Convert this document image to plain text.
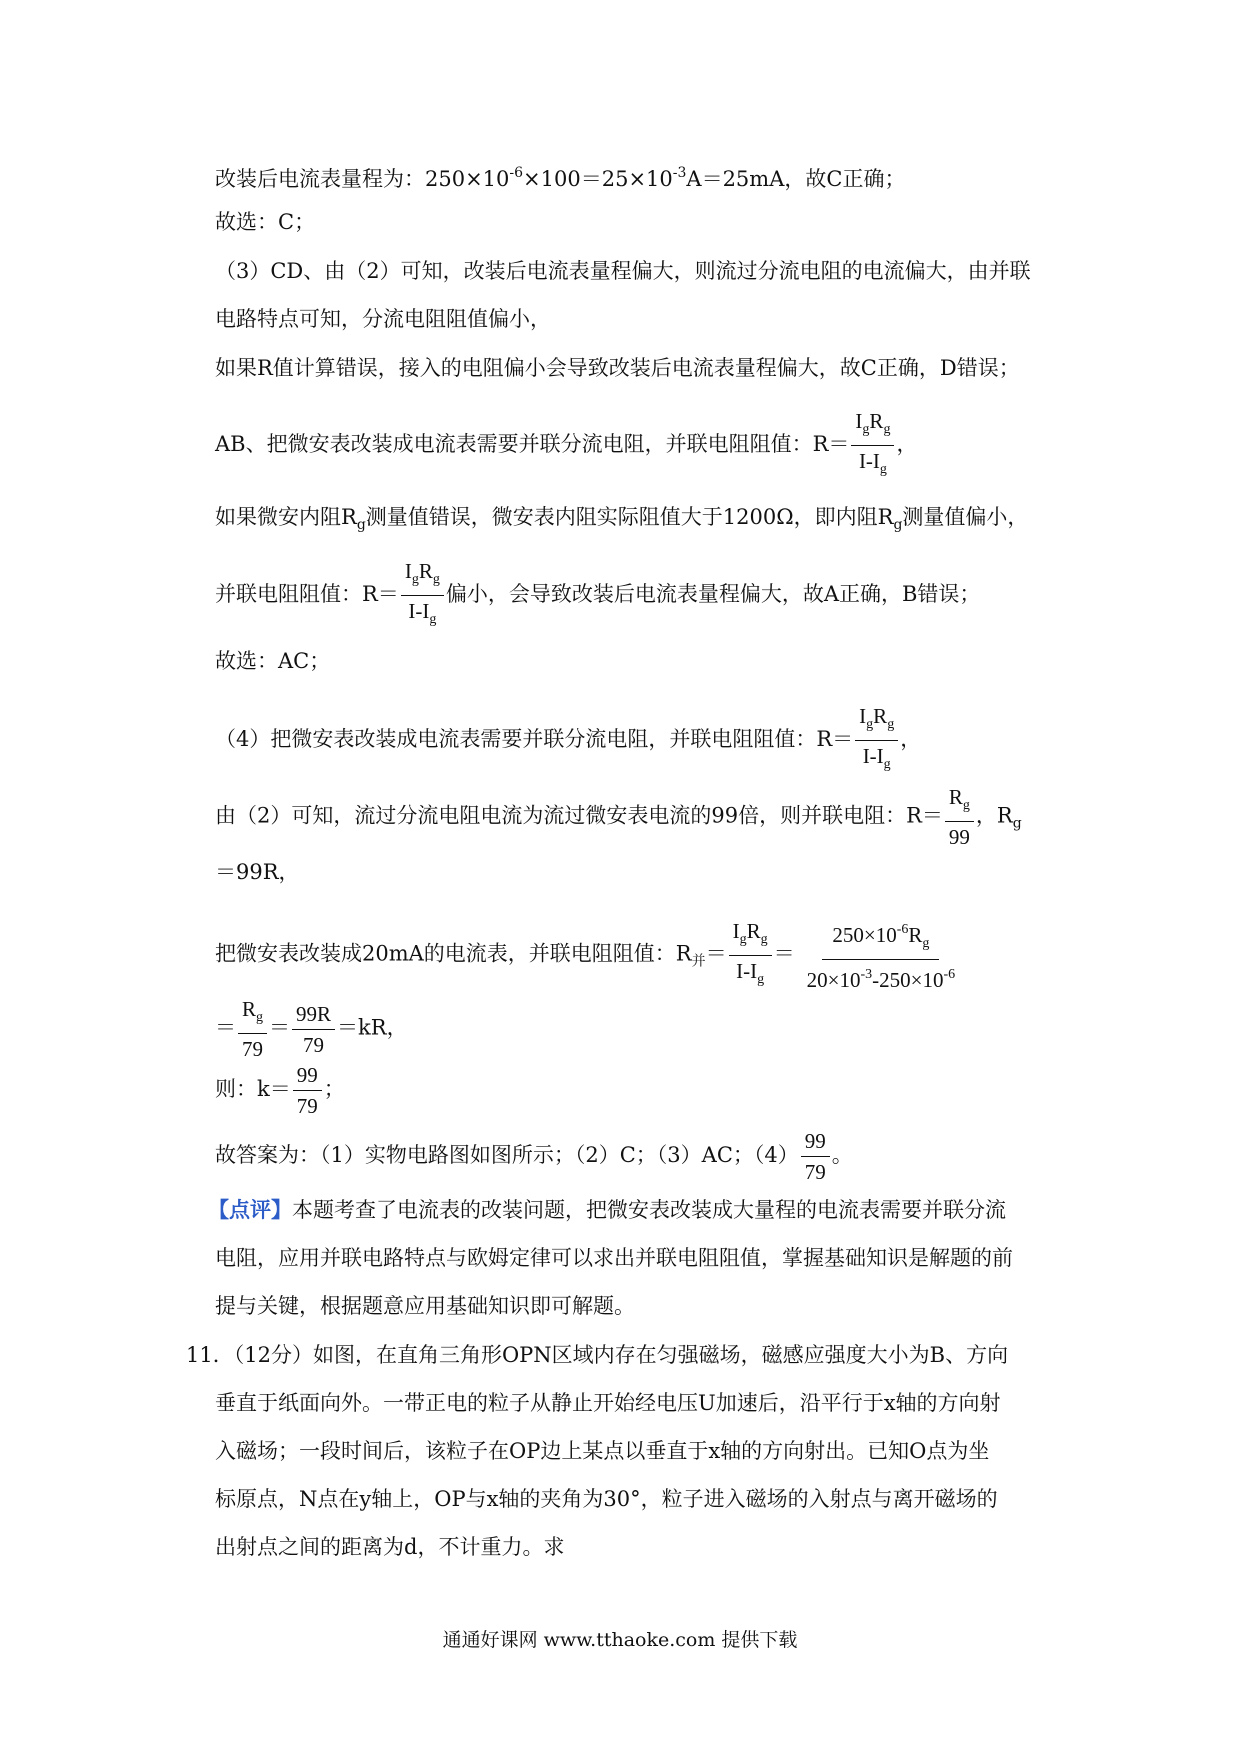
改装后电流表量程为：$250\times 10^{-6}\times 100=25\times 10^{-3}A=25mA$，故C正确；
故选：C；
（3）CD、由（2）可知，改装后电流表量程偏大，则流过分流电阻的电流偏大，由并联
电路特点可知，分流电阻阻值偏小，
如果R值计算错误，接入的电阻偏小会导致改装后电流表量程偏大，故C正确，D错误；
AB、把微安表改装成电流表需要并联分流电阻，并联电阻阻值：$R= \frac{I_gR_g}{I-I_g}$ ，
如果微安内阻$R_g$测量值错误，微安表内阻实际阻值大于1200Ω，即内阻$R_g$测量值偏小，
并联电阻阻值：$R= \frac{I_gR_g}{I-I_g}$ 偏小，会导致改装后电流表量程偏大，故A正确，B错误；
故选：AC；
（4）把微安表改装成电流表需要并联分流电阻，并联电阻阻值：$R= \frac{I_gR_g}{I-I_g}$ ，
由（2）可知，流过分流电阻电流为流过微安表电流的99倍，则并联电阻：$R= \frac{R_g}{99}$ ，$R_g$
＝99R，
把微安表改装成20mA的电流表，并联电阻阻值：$R_并= \frac{I_gR_g}{I-I_g} = \frac{250\times 10^{-6}R_g}{20\times 10^{-3}-250\times 10^{-6}}$
＝ $\frac{R_g}{79} = \frac{99R}{79} =kR$，
则：$k= \frac{99}{79}$ ；
故答案为：（1）实物电路图如图所示；（2）C；（3）AC；$(4) \frac{99}{79}$ 。
【点评】本题考查了电流表的改装问题，把微安表改装成大量程的电流表需要并联分流
电阻，应用并联电路特点与欧姆定律可以求出并联电阻阻值，掌握基础知识是解题的前
提与关键，根据题意应用基础知识即可解题。
11．（12分）如图，在直角三角形OPN区域内存在匀强磁场，磁感应强度大小为B、方向
垂直于纸面向外。一带正电的粒子从静止开始经电压U加速后，沿平行于x轴的方向射
入磁场；一段时间后，该粒子在OP边上某点以垂直于x轴的方向射出。已知O点为坐
标原点，N点在y轴上，OP与x轴的夹角为30°，粒子进入磁场的入射点与离开磁场的
出射点之间的距离为d，不计重力。求
通通好课网 www.tthaoke.com 提供下载
